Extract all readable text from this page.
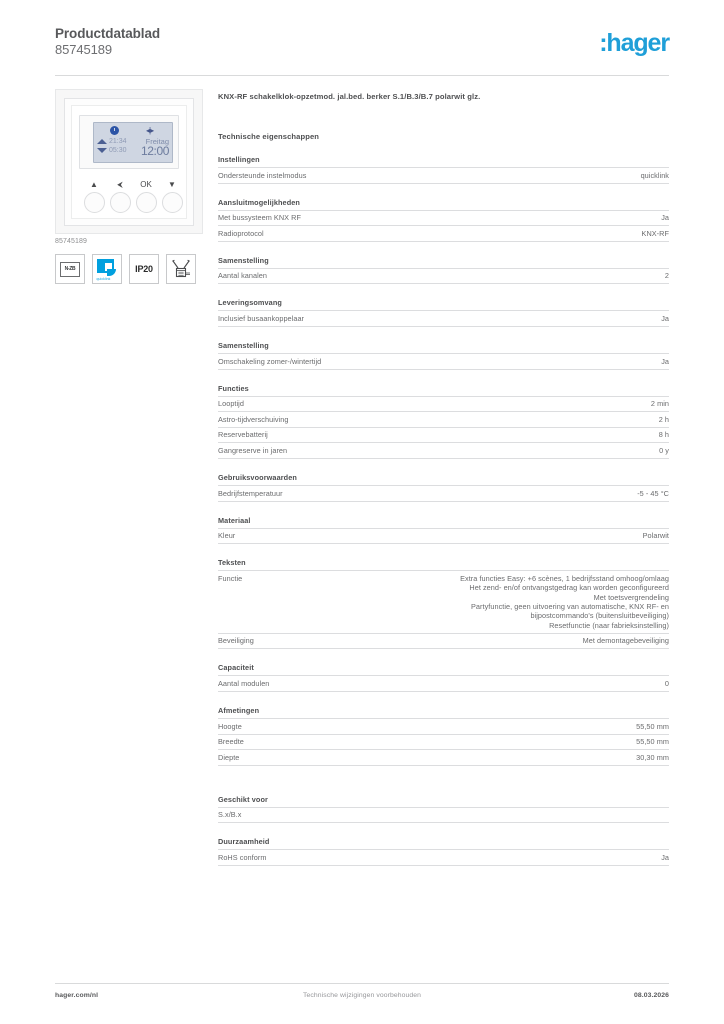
Productdatablad
85745189	:hager
◂|▸
21:34
05:30
Freitag
12:00
▲	⮜	OK	▼
85745189
N-ZB
quicklink
IP20
KNX-RF schakelklok-opzetmod. jal.bed. berker S.1/B.3/B.7 polarwit glz.
Technische eigenschappen
Instellingen
Ondersteunde instelmodus	quicklink
Aansluitmogelijkheden
Met bussysteem KNX RF	Ja
Radioprotocol	KNX-RF
Samenstelling
Aantal kanalen	2
Leveringsomvang
Inclusief busaankoppelaar	Ja
Samenstelling
Omschakeling zomer-/wintertijd	Ja
Functies
Looptijd	2 min
Astro-tijdverschuiving	2 h
Reservebatterij	8 h
Gangreserve in jaren	0 y
Gebruiksvoorwaarden
Bedrijfstemperatuur	-5 - 45 °C
Materiaal
Kleur	Polarwit
Teksten
Functie	Extra functies Easy: +6 scènes, 1 bedrijfsstand omhoog/omlaag
Het zend- en/of ontvangstgedrag kan worden geconfigureerd
Met toetsvergrendeling
Partyfunctie, geen uitvoering van automatische, KNX RF- en
bijpostcommando's (buitensluitbeveiliging)
Resetfunctie (naar fabrieksinstelling)

Beveiliging	Met demontagebeveiliging
Capaciteit
Aantal modulen	0
Afmetingen
Hoogte	55,50 mm
Breedte	55,50 mm
Diepte	30,30 mm
Geschikt voor
S.x/B.x	
Duurzaamheid
RoHS conform	Ja
hager.com/nl	Technische wijzigingen voorbehouden	08.03.2026
